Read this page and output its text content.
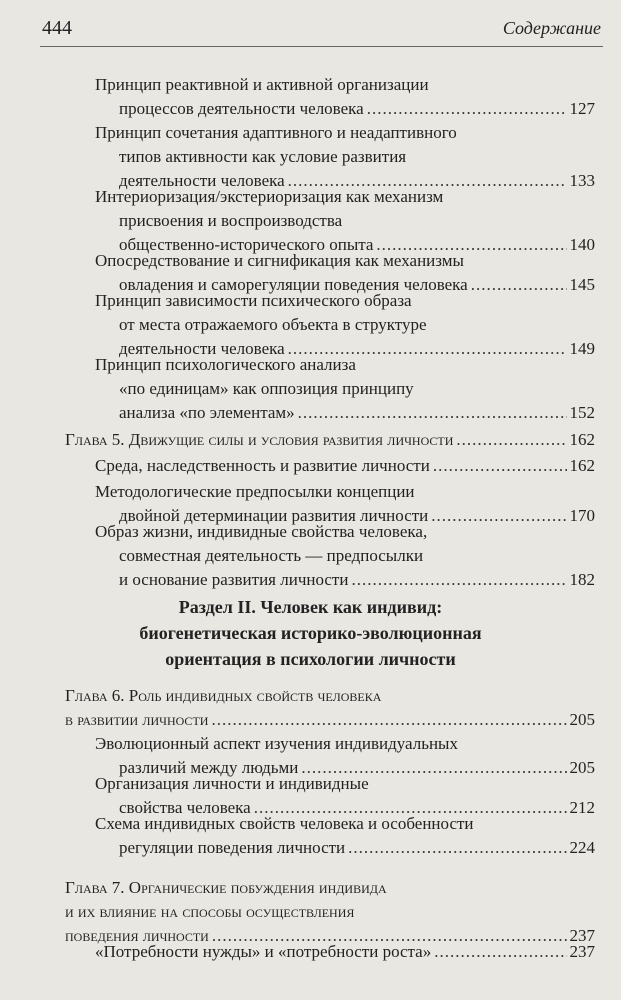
444	Содержание
Принцип реактивной и активной организации
процессов деятельности человека .....	127
Принцип сочетания адаптивного и неадаптивного
типов активности как условие развития
деятельности человека .....	133
Интериоризация/экстериоризация как механизм
присвоения и воспроизводства
общественно-исторического опыта .....	140
Опосредствование и сигнификация как механизмы
овладения и саморегуляции поведения человека .....	145
Принцип зависимости психического образа
от места отражаемого объекта в структуре
деятельности человека .....	149
Принцип психологического анализа
«по единицам» как оппозиция принципу
анализа «по элементам» .....	152
Глава 5. Движущие силы и условия развития личности .....	162
Среда, наследственность и развитие личности .....	162
Методологические предпосылки концепции
двойной детерминации развития личности .....	170
Образ жизни, индивидные свойства человека,
совместная деятельность — предпосылки
и основание развития личности .....	182
Глава 6. Роль индивидных свойств человека
в развитии личности .....	205
Эволюционный аспект изучения индивидуальных
различий между людьми .....	205
Организация личности и индивидные
свойства человека .....	212
Схема индивидных свойств человека и особенности
регуляции поведения личности .....	224
Глава 7. Органические побуждения индивида
и их влияние на способы осуществления
поведения личности .....	237
«Потребности нужды» и «потребности роста» .....	237
Раздел II. Человек как индивид:
биогенетическая историко-эволюционная
ориентация в психологии личности
